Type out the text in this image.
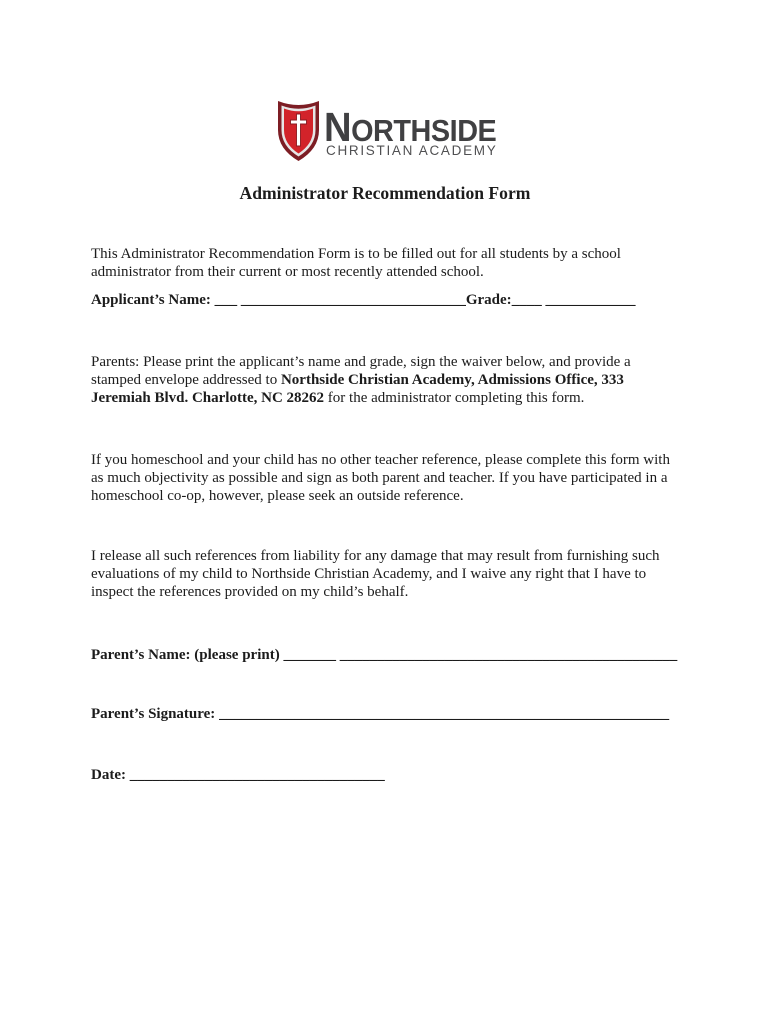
NORTHSIDE
CHRISTIAN ACADEMY
Administrator Recommendation Form
This Administrator Recommendation Form is to be filled out for all students by a school
administrator from their current or most recently attended school.
Applicant’s Name: ___ ______________________________Grade:____ ____________
Parents: Please print the applicant’s name and grade, sign the waiver below, and provide a
stamped envelope addressed to Northside Christian Academy, Admissions Office, 333
Jeremiah Blvd. Charlotte, NC 28262 for the administrator completing this form.
If you homeschool and your child has no other teacher reference, please complete this form with
as much objectivity as possible and sign as both parent and teacher. If you have participated in a
homeschool co-op, however, please seek an outside reference.
I release all such references from liability for any damage that may result from furnishing such
evaluations of my child to Northside Christian Academy, and I waive any right that I have to
inspect the references provided on my child’s behalf.
Parent’s Name: (please print) _______ _____________________________________________
Parent’s Signature: ____________________________________________________________
Date: __________________________________
